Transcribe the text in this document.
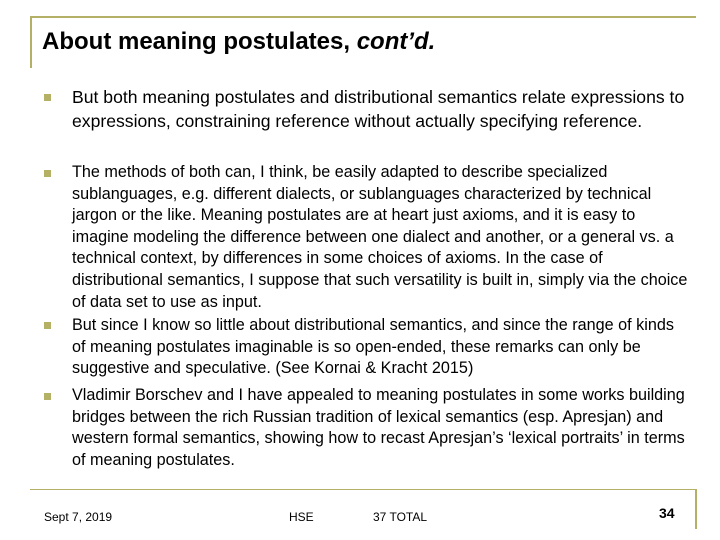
About meaning postulates, cont’d.

But both meaning postulates and distributional semantics relate expressions to expressions, constraining reference without actually specifying reference.

The methods of both can, I think, be easily adapted to describe specialized sublanguages, e.g. different dialects, or sublanguages characterized by technical jargon or the like. Meaning postulates are at heart just axioms, and it is easy to imagine modeling the difference between one dialect and another, or a general vs. a technical context, by differences in some choices of axioms. In the case of distributional semantics, I suppose that such versatility is built in, simply via the choice of data set to use as input.

But since I know so little about distributional semantics, and since the range of kinds of meaning postulates imaginable is so open-ended, these remarks can only be suggestive and speculative. (See Kornai & Kracht 2015)

Vladimir Borschev and I have appealed to meaning postulates in some works building bridges between the rich Russian tradition of lexical semantics (esp. Apresjan) and western formal semantics, showing how to recast Apresjan’s ‘lexical portraits’ in terms of meaning postulates.

Sept 7, 2019	HSE	37 TOTAL	34
